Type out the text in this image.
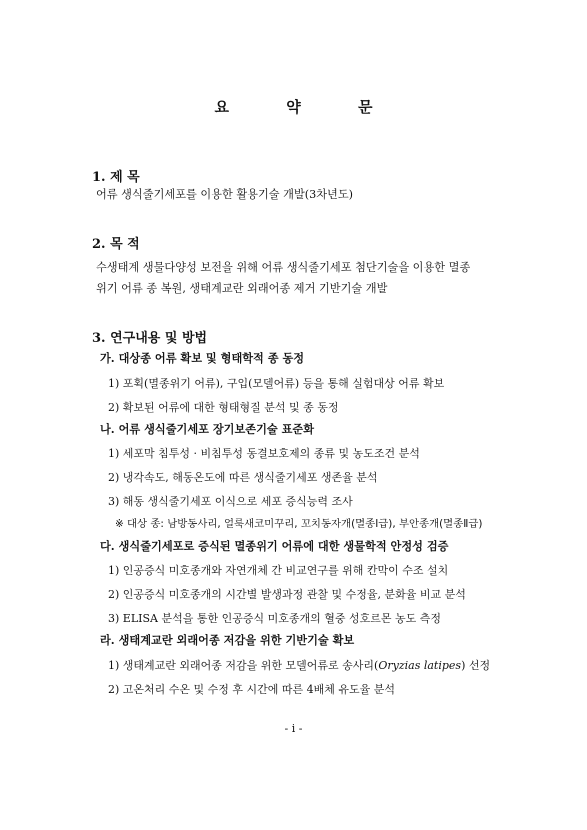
요 약 문
1. 제 목
어류 생식줄기세포를 이용한 활용기술 개발(3차년도)
2. 목 적
수생태계 생물다양성 보전을 위해 어류 생식줄기세포 첨단기술을 이용한 멸종
위기 어류 종 복원, 생태계교란 외래어종 제거 기반기술 개발
3. 연구내용 및 방법
가. 대상종 어류 확보 및 형태학적 종 동정
1) 포획(멸종위기 어류), 구입(모델어류) 등을 통해 실험대상 어류 확보
2) 확보된 어류에 대한 형태형질 분석 및 종 동정
나. 어류 생식줄기세포 장기보존기술 표준화
1) 세포막 침투성 · 비침투성 동결보호제의 종류 및 농도조건 분석
2) 냉각속도, 해동온도에 따른 생식줄기세포 생존율 분석
3) 해동 생식줄기세포 이식으로 세포 증식능력 조사
※ 대상 종: 남방동사리, 얼룩새코미꾸리, 꼬치동자개(멸종Ⅰ급), 부안종개(멸종Ⅱ급)
다. 생식줄기세포로 증식된 멸종위기 어류에 대한 생물학적 안정성 검증
1) 인공증식 미호종개와 자연개체 간 비교연구를 위해 칸막이 수조 설치
2) 인공증식 미호종개의 시간별 발생과정 관찰 및 수정율, 분화율 비교 분석
3) ELISA 분석을 통한 인공증식 미호종개의 혈중 성호르몬 농도 측정
라. 생태계교란 외래어종 저감을 위한 기반기술 확보
1) 생태계교란 외래어종 저감을 위한 모델어류로 송사리(Oryzias latipes) 선정
2) 고온처리 수온 및 수정 후 시간에 따른 4배체 유도율 분석
- i -
